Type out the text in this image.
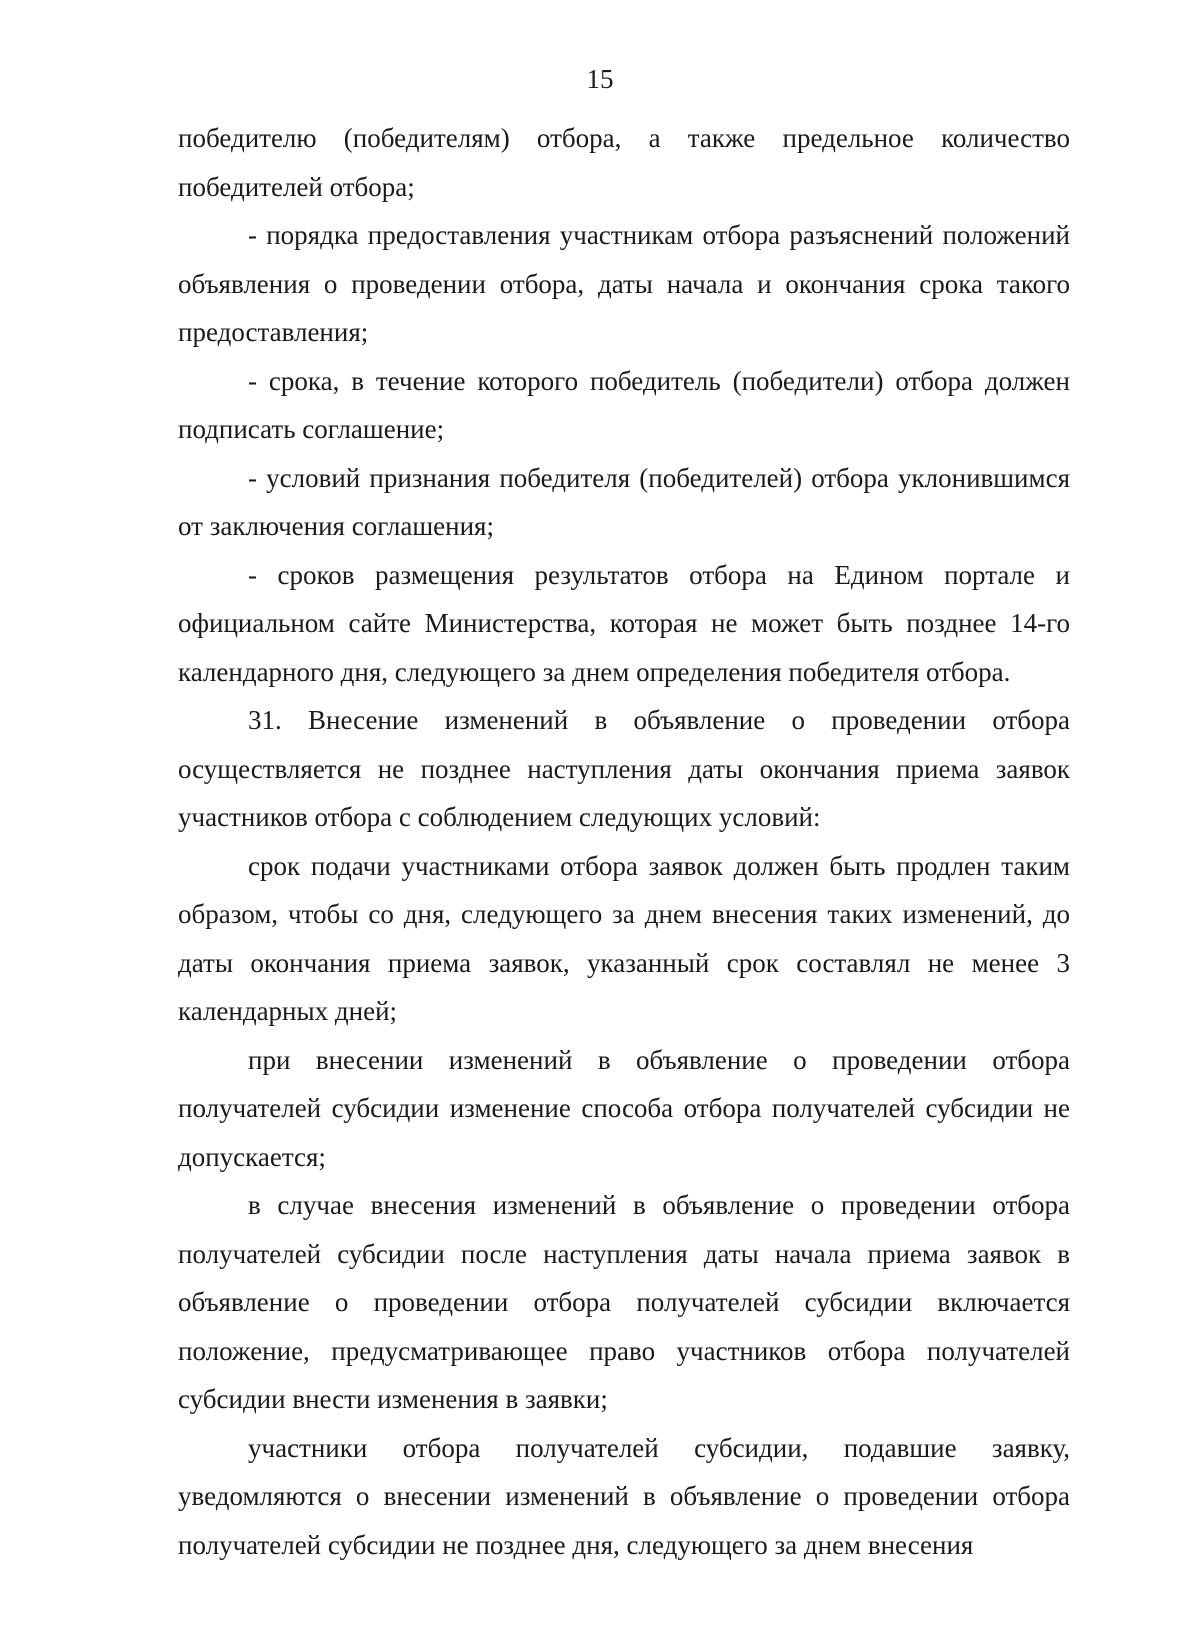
15

победителю (победителям) отбора, а также предельное количество победителей отбора;

- порядка предоставления участникам отбора разъяснений положений объявления о проведении отбора, даты начала и окончания срока такого предоставления;

- срока, в течение которого победитель (победители) отбора должен подписать соглашение;

- условий признания победителя (победителей) отбора уклонившимся от заключения соглашения;

- сроков размещения результатов отбора на Едином портале и официальном сайте Министерства, которая не может быть позднее 14-го календарного дня, следующего за днем определения победителя отбора.

31. Внесение изменений в объявление о проведении отбора осуществляется не позднее наступления даты окончания приема заявок участников отбора с соблюдением следующих условий:

срок подачи участниками отбора заявок должен быть продлен таким образом, чтобы со дня, следующего за днем внесения таких изменений, до даты окончания приема заявок, указанный срок составлял не менее 3 календарных дней;

при внесении изменений в объявление о проведении отбора получателей субсидии изменение способа отбора получателей субсидии не допускается;

в случае внесения изменений в объявление о проведении отбора получателей субсидии после наступления даты начала приема заявок в объявление о проведении отбора получателей субсидии включается положение, предусматривающее право участников отбора получателей субсидии внести изменения в заявки;

участники отбора получателей субсидии, подавшие заявку, уведомляются о внесении изменений в объявление о проведении отбора получателей субсидии не позднее дня, следующего за днем внесения
